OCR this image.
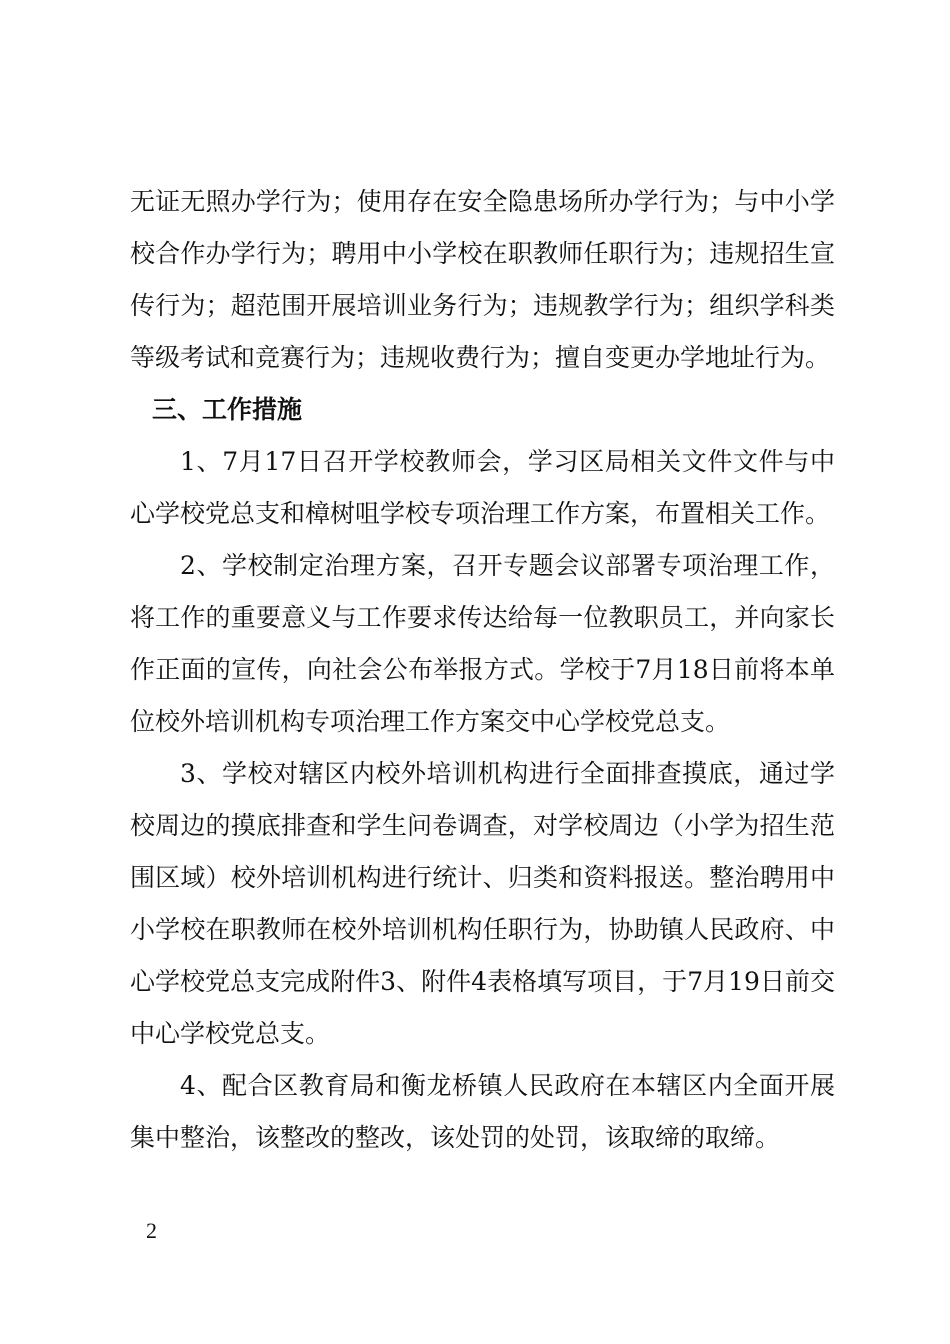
无证无照办学行为；使用存在安全隐患场所办学行为；与中小学校合作办学行为；聘用中小学校在职教师任职行为；违规招生宣传行为；超范围开展培训业务行为；违规教学行为；组织学科类等级考试和竞赛行为；违规收费行为；擅自变更办学地址行为。

三、工作措施

1、7月17日召开学校教师会，学习区局相关文件文件与中心学校党总支和樟树咀学校专项治理工作方案，布置相关工作。

2、学校制定治理方案，召开专题会议部署专项治理工作，将工作的重要意义与工作要求传达给每一位教职员工，并向家长作正面的宣传，向社会公布举报方式。学校于7月18日前将本单位校外培训机构专项治理工作方案交中心学校党总支。

3、学校对辖区内校外培训机构进行全面排查摸底，通过学校周边的摸底排查和学生问卷调查，对学校周边（小学为招生范围区域）校外培训机构进行统计、归类和资料报送。整治聘用中小学校在职教师在校外培训机构任职行为，协助镇人民政府、中心学校党总支完成附件3、附件4表格填写项目，于7月19日前交中心学校党总支。

4、配合区教育局和衡龙桥镇人民政府在本辖区内全面开展集中整治，该整改的整改，该处罚的处罚，该取缔的取缔。

2
